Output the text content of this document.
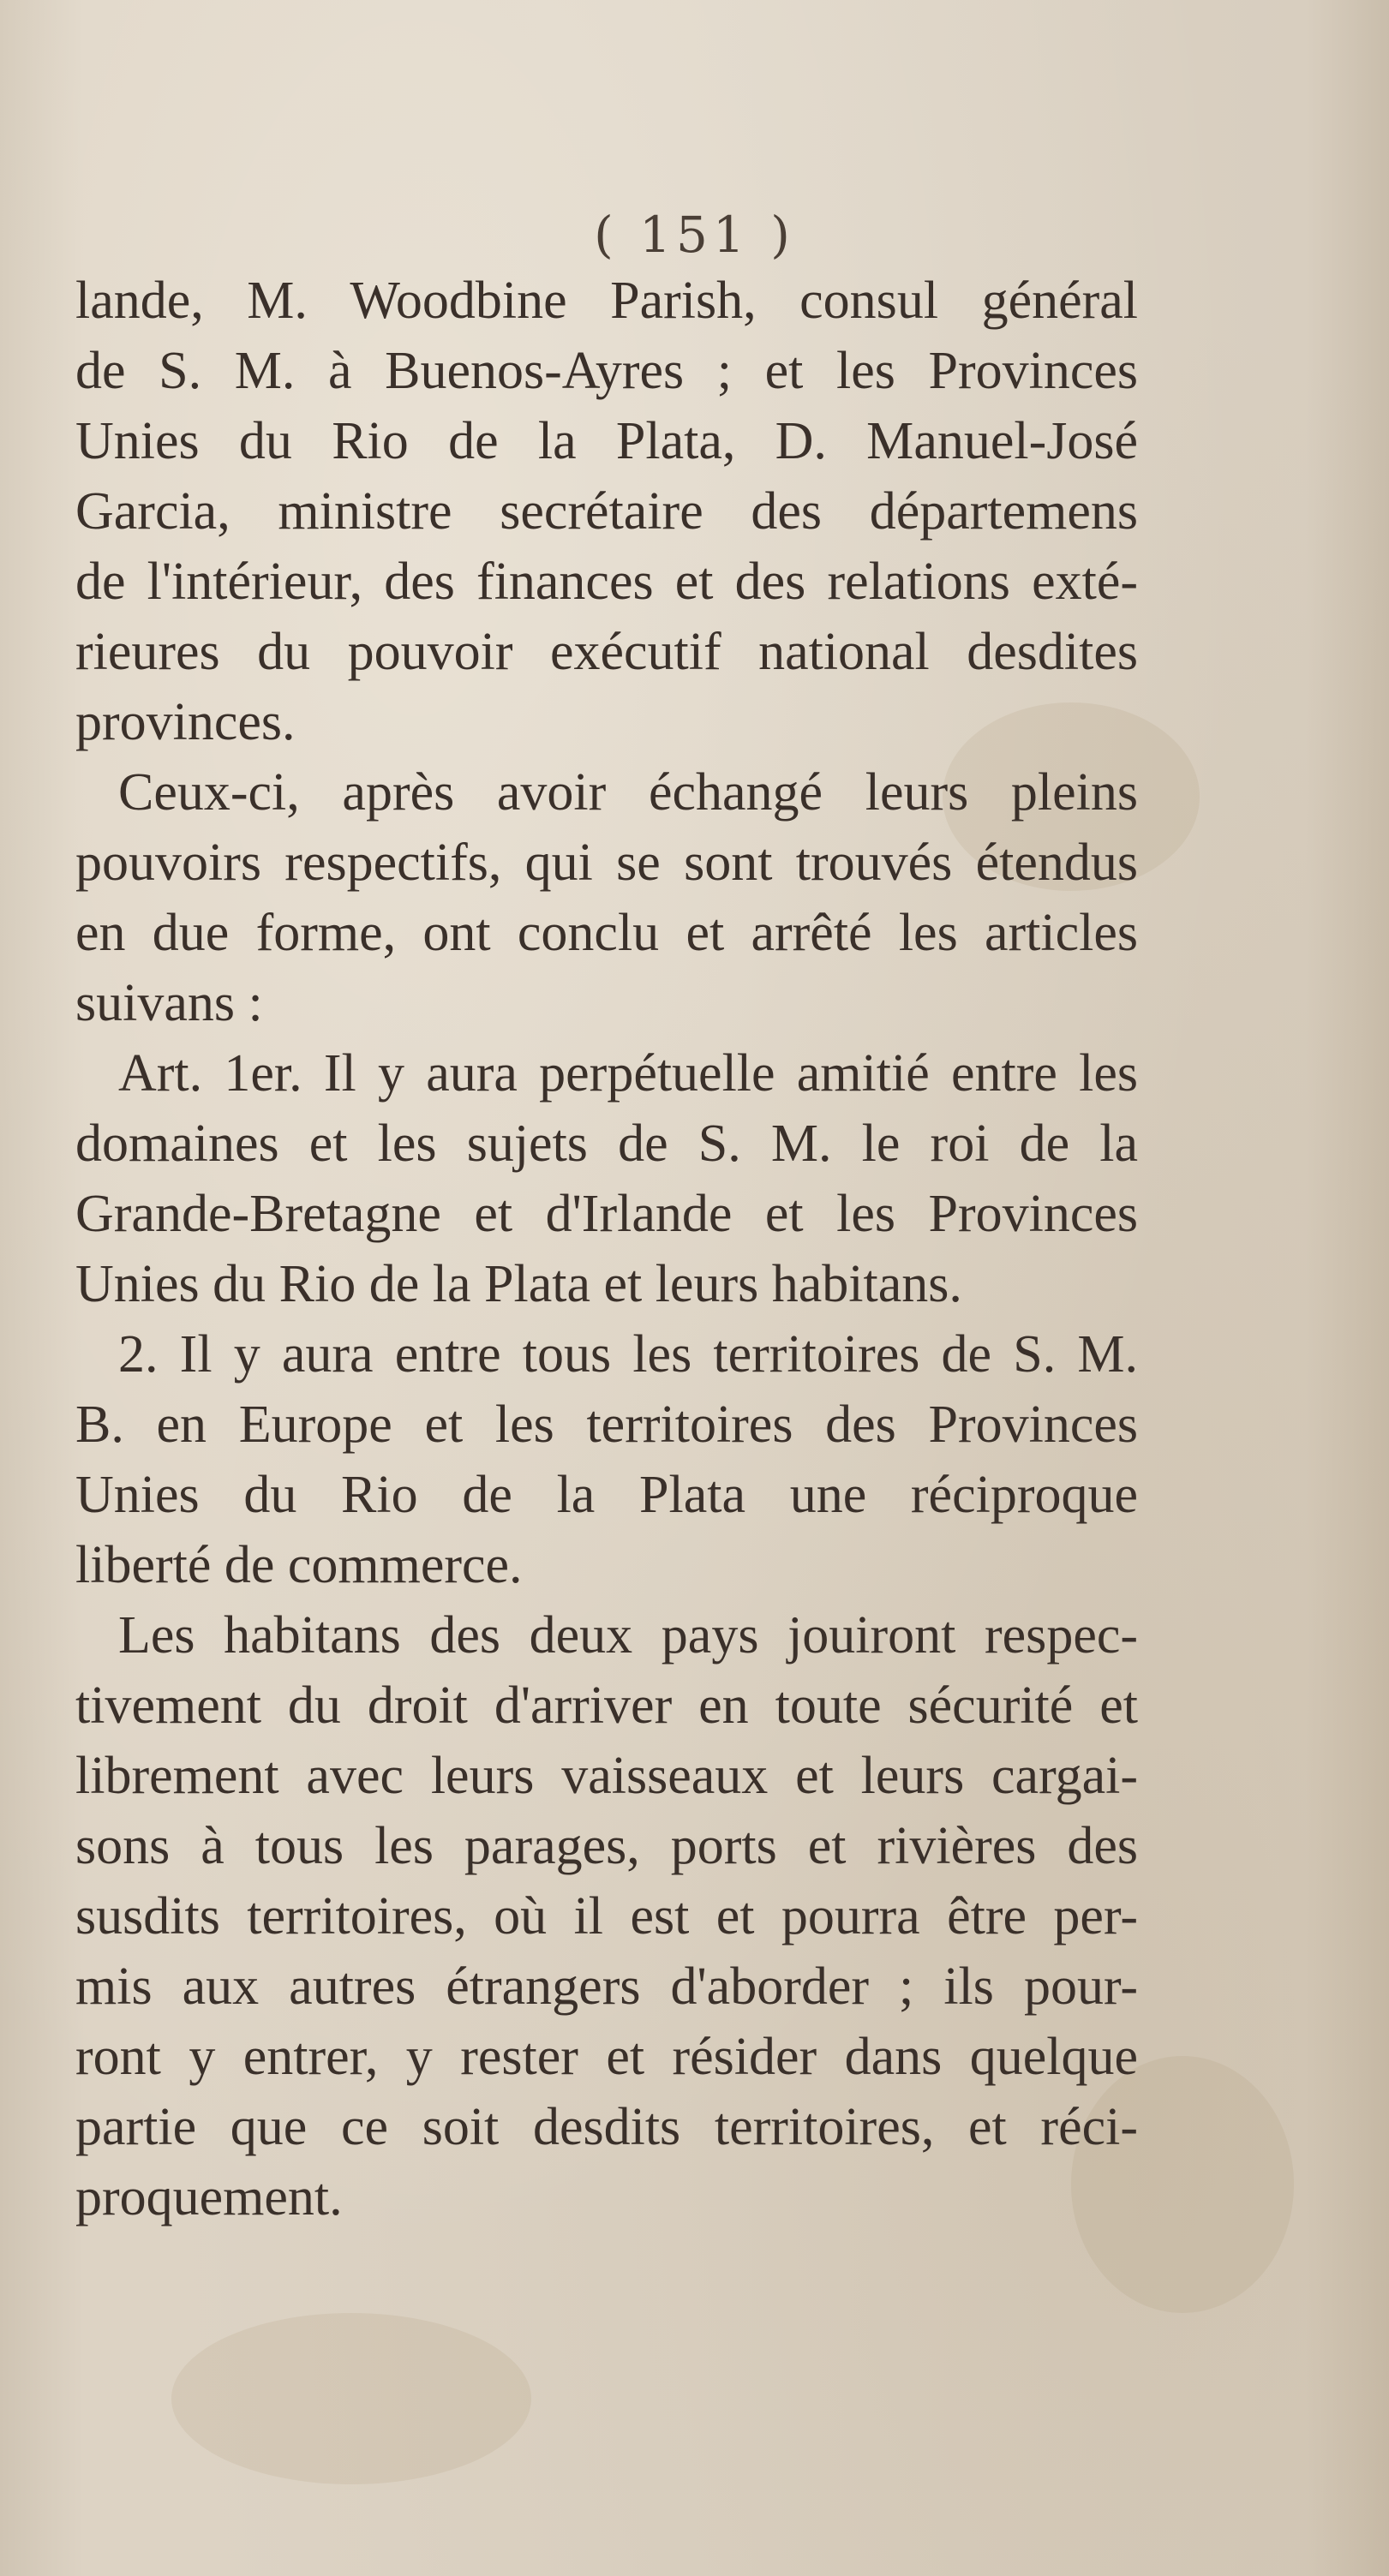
( 151 )
lande, M. Woodbine Parish, consul général
de S. M. à Buenos-Ayres ; et les Provinces
Unies du Rio de la Plata, D. Manuel-José
Garcia, ministre secrétaire des départemens
de l'intérieur, des finances et des relations exté-
rieures du pouvoir exécutif national desdites
provinces.
Ceux-ci, après avoir échangé leurs pleins
pouvoirs respectifs, qui se sont trouvés étendus
en due forme, ont conclu et arrêté les articles
suivans :
Art. 1er. Il y aura perpétuelle amitié entre les
domaines et les sujets de S. M. le roi de la
Grande-Bretagne et d'Irlande et les Provinces
Unies du Rio de la Plata et leurs habitans.
2. Il y aura entre tous les territoires de S. M.
B. en Europe et les territoires des Provinces
Unies du Rio de la Plata une réciproque
liberté de commerce.
Les habitans des deux pays jouiront respec-
tivement du droit d'arriver en toute sécurité et
librement avec leurs vaisseaux et leurs cargai-
sons à tous les parages, ports et rivières des
susdits territoires, où il est et pourra être per-
mis aux autres étrangers d'aborder ; ils pour-
ront y entrer, y rester et résider dans quelque
partie que ce soit desdits territoires, et réci-
proquement.
